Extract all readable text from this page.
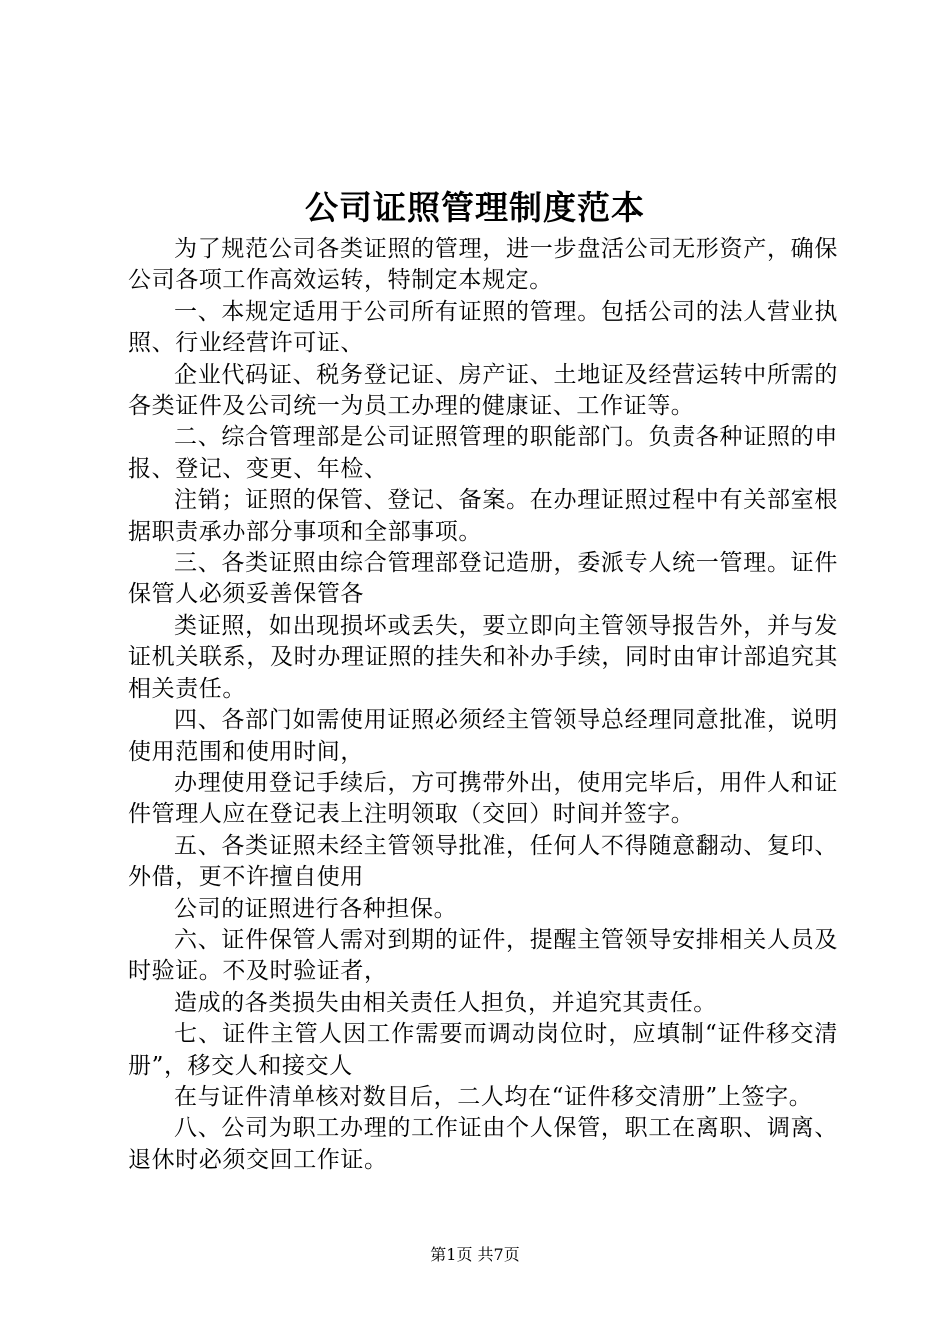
公司证照管理制度范本

为了规范公司各类证照的管理，进一步盘活公司无形资产，确保公司各项工作高效运转，特制定本规定。

一、本规定适用于公司所有证照的管理。包括公司的法人营业执照、行业经营许可证、

企业代码证、税务登记证、房产证、土地证及经营运转中所需的各类证件及公司统一为员工办理的健康证、工作证等。

二、综合管理部是公司证照管理的职能部门。负责各种证照的申报、登记、变更、年检、

注销；证照的保管、登记、备案。在办理证照过程中有关部室根据职责承办部分事项和全部事项。

三、各类证照由综合管理部登记造册，委派专人统一管理。证件保管人必须妥善保管各

类证照，如出现损坏或丢失，要立即向主管领导报告外，并与发证机关联系，及时办理证照的挂失和补办手续，同时由审计部追究其相关责任。

四、各部门如需使用证照必须经主管领导总经理同意批准，说明使用范围和使用时间，

办理使用登记手续后，方可携带外出，使用完毕后，用件人和证件管理人应在登记表上注明领取（交回）时间并签字。

五、各类证照未经主管领导批准，任何人不得随意翻动、复印、外借，更不许擅自使用

公司的证照进行各种担保。

六、证件保管人需对到期的证件，提醒主管领导安排相关人员及时验证。不及时验证者，

造成的各类损失由相关责任人担负，并追究其责任。

七、证件主管人因工作需要而调动岗位时，应填制“证件移交清册”，移交人和接交人

在与证件清单核对数目后，二人均在“证件移交清册”上签字。

八、公司为职工办理的工作证由个人保管，职工在离职、调离、退休时必须交回工作证。

第1页 共7页
